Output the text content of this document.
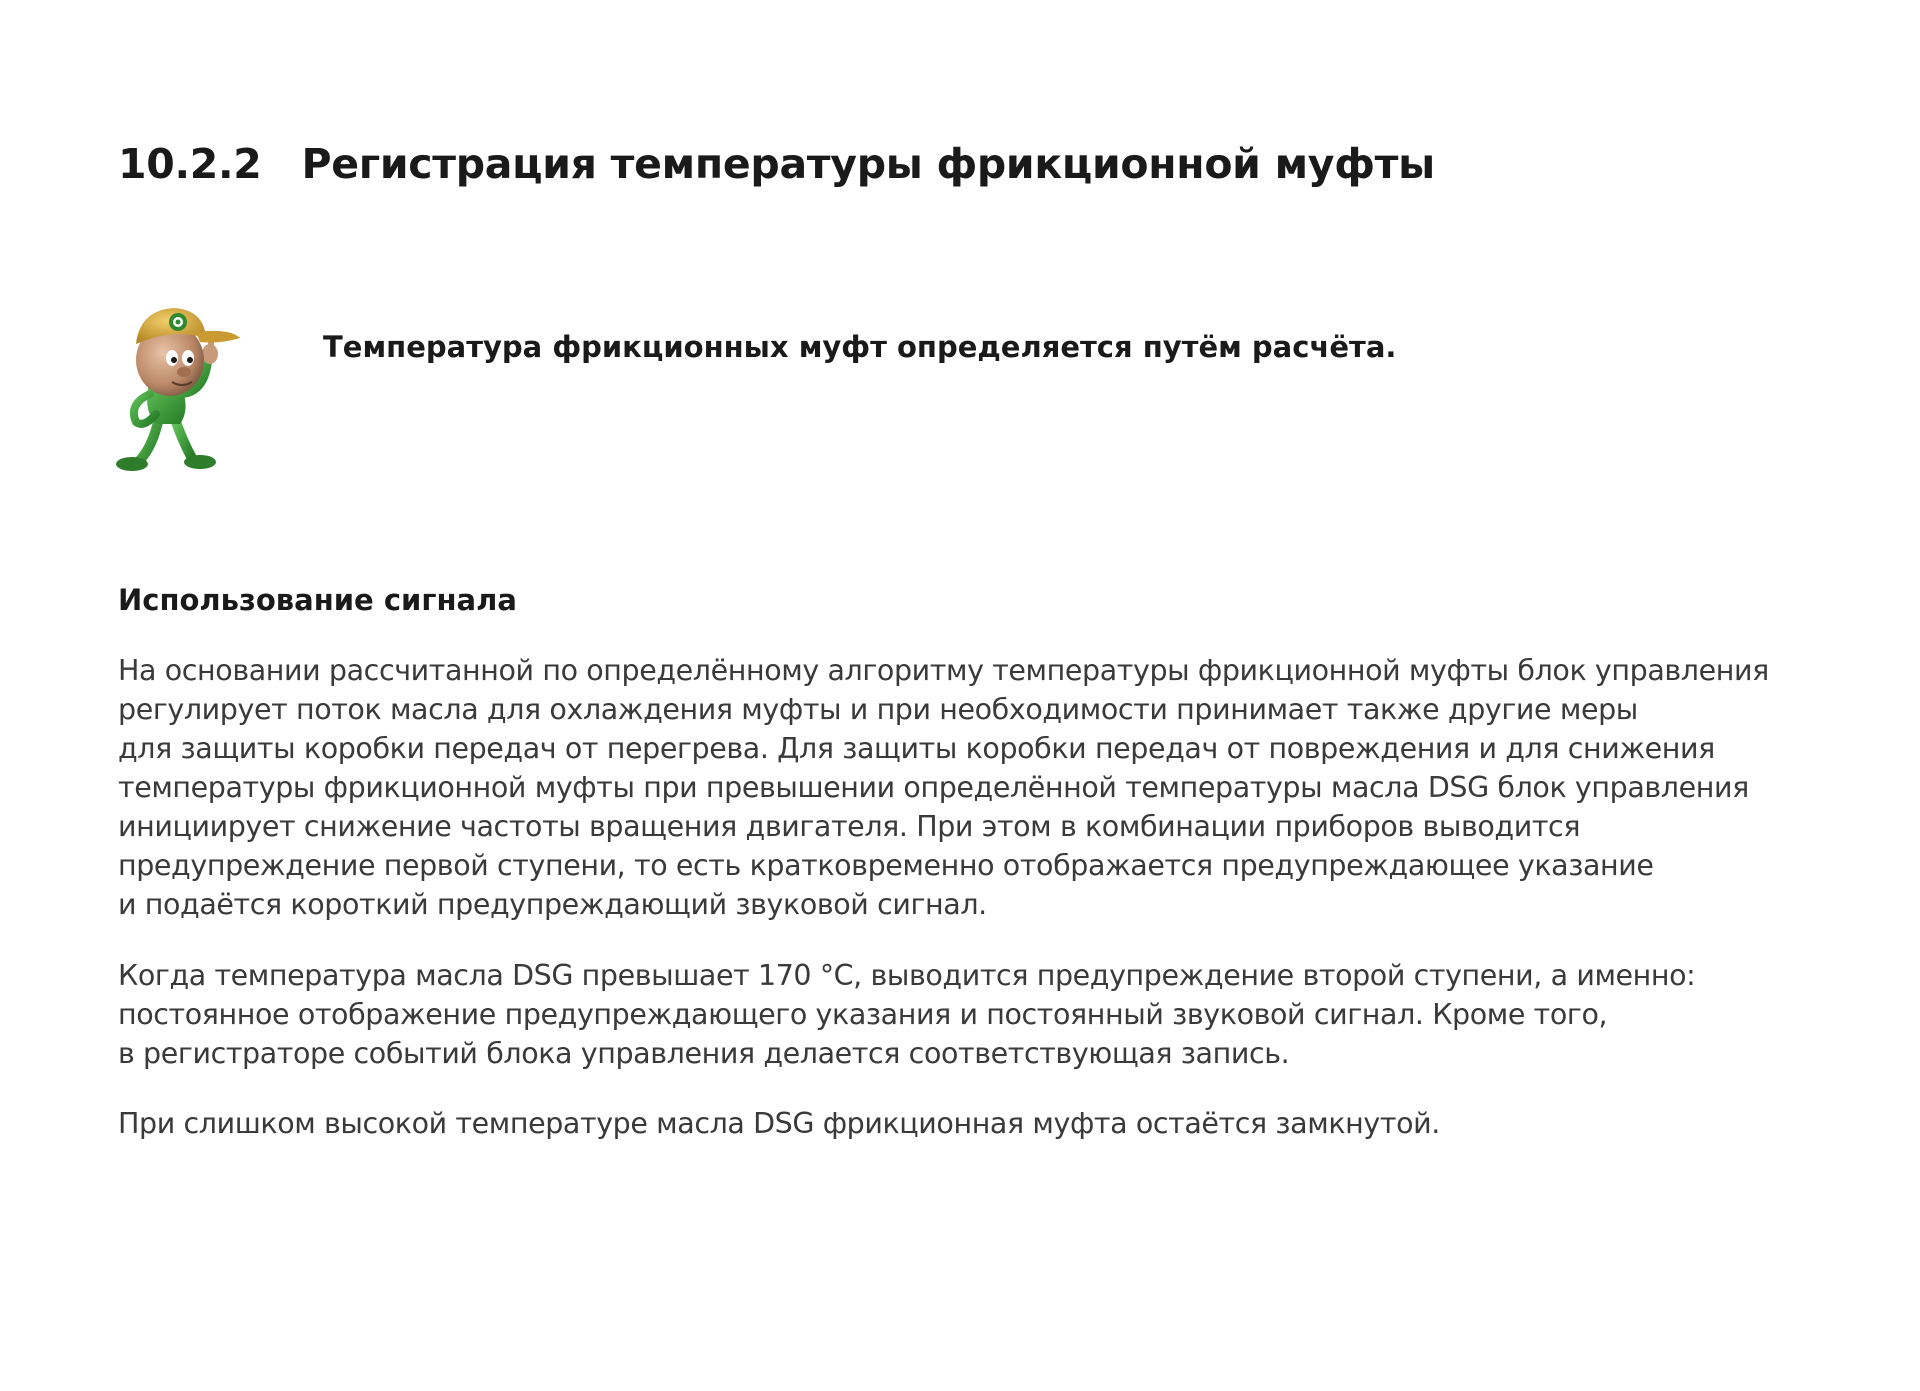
10.2.2 Регистрация температуры фрикционной муфты

Температура фрикционных муфт определяется путём расчёта.

Использование сигнала

На основании рассчитанной по определённому алгоритму температуры фрикционной муфты блок управления
регулирует поток масла для охлаждения муфты и при необходимости принимает также другие меры
для защиты коробки передач от перегрева. Для защиты коробки передач от повреждения и для снижения
температуры фрикционной муфты при превышении определённой температуры масла DSG блок управления
инициирует снижение частоты вращения двигателя. При этом в комбинации приборов выводится
предупреждение первой ступени, то есть кратковременно отображается предупреждающее указание
и подаётся короткий предупреждающий звуковой сигнал.

Когда температура масла DSG превышает 170 °C, выводится предупреждение второй ступени, а именно:
постоянное отображение предупреждающего указания и постоянный звуковой сигнал. Кроме того,
в регистраторе событий блока управления делается соответствующая запись.

При слишком высокой температуре масла DSG фрикционная муфта остаётся замкнутой.
